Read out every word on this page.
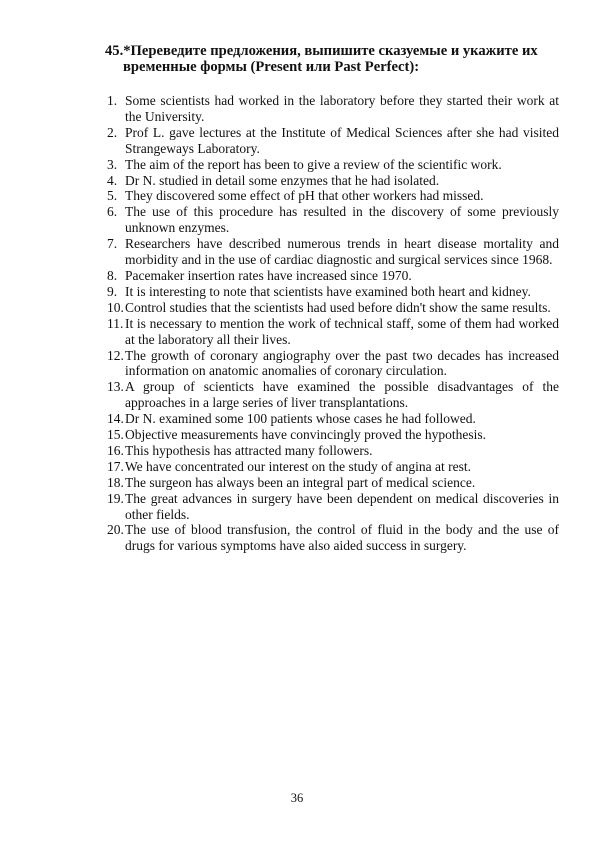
45.*Переведите предложения, выпишите сказуемые и укажите их
временные формы (Present или Past Perfect):
1. Some scientists had worked in the laboratory before they started their work at the University.
2. Prof L. gave lectures at the Institute of Medical Sciences after she had visited Strangeways Laboratory.
3. The aim of the report has been to give a review of the scientific work.
4. Dr N. studied in detail some enzymes that he had isolated.
5. They discovered some effect of pH that other workers had missed.
6. The use of this procedure has resulted in the discovery of some previously unknown enzymes.
7. Researchers have described numerous trends in heart disease mortality and morbidity and in the use of cardiac diagnostic and surgical services since 1968.
8. Pacemaker insertion rates have increased since 1970.
9. It is interesting to note that scientists have examined both heart and kidney.
10. Control studies that the scientists had used before didn't show the same results.
11. It is necessary to mention the work of technical staff, some of them had worked at the laboratory all their lives.
12. The growth of coronary angiography over the past two decades has increased information on anatomic anomalies of coronary circulation.
13. A group of scienticts have examined the possible disadvantages of the approaches in a large series of liver transplantations.
14. Dr N. examined some 100 patients whose cases he had followed.
15. Objective measurements have convincingly proved the hypothesis.
16. This hypothesis has attracted many followers.
17. We have concentrated our interest on the study of angina at rest.
18. The surgeon has always been an integral part of medical science.
19. The great advances in surgery have been dependent on medical discoveries in other fields.
20. The use of blood transfusion, the control of fluid in the body and the use of drugs for various symptoms have also aided success in surgery.
36
